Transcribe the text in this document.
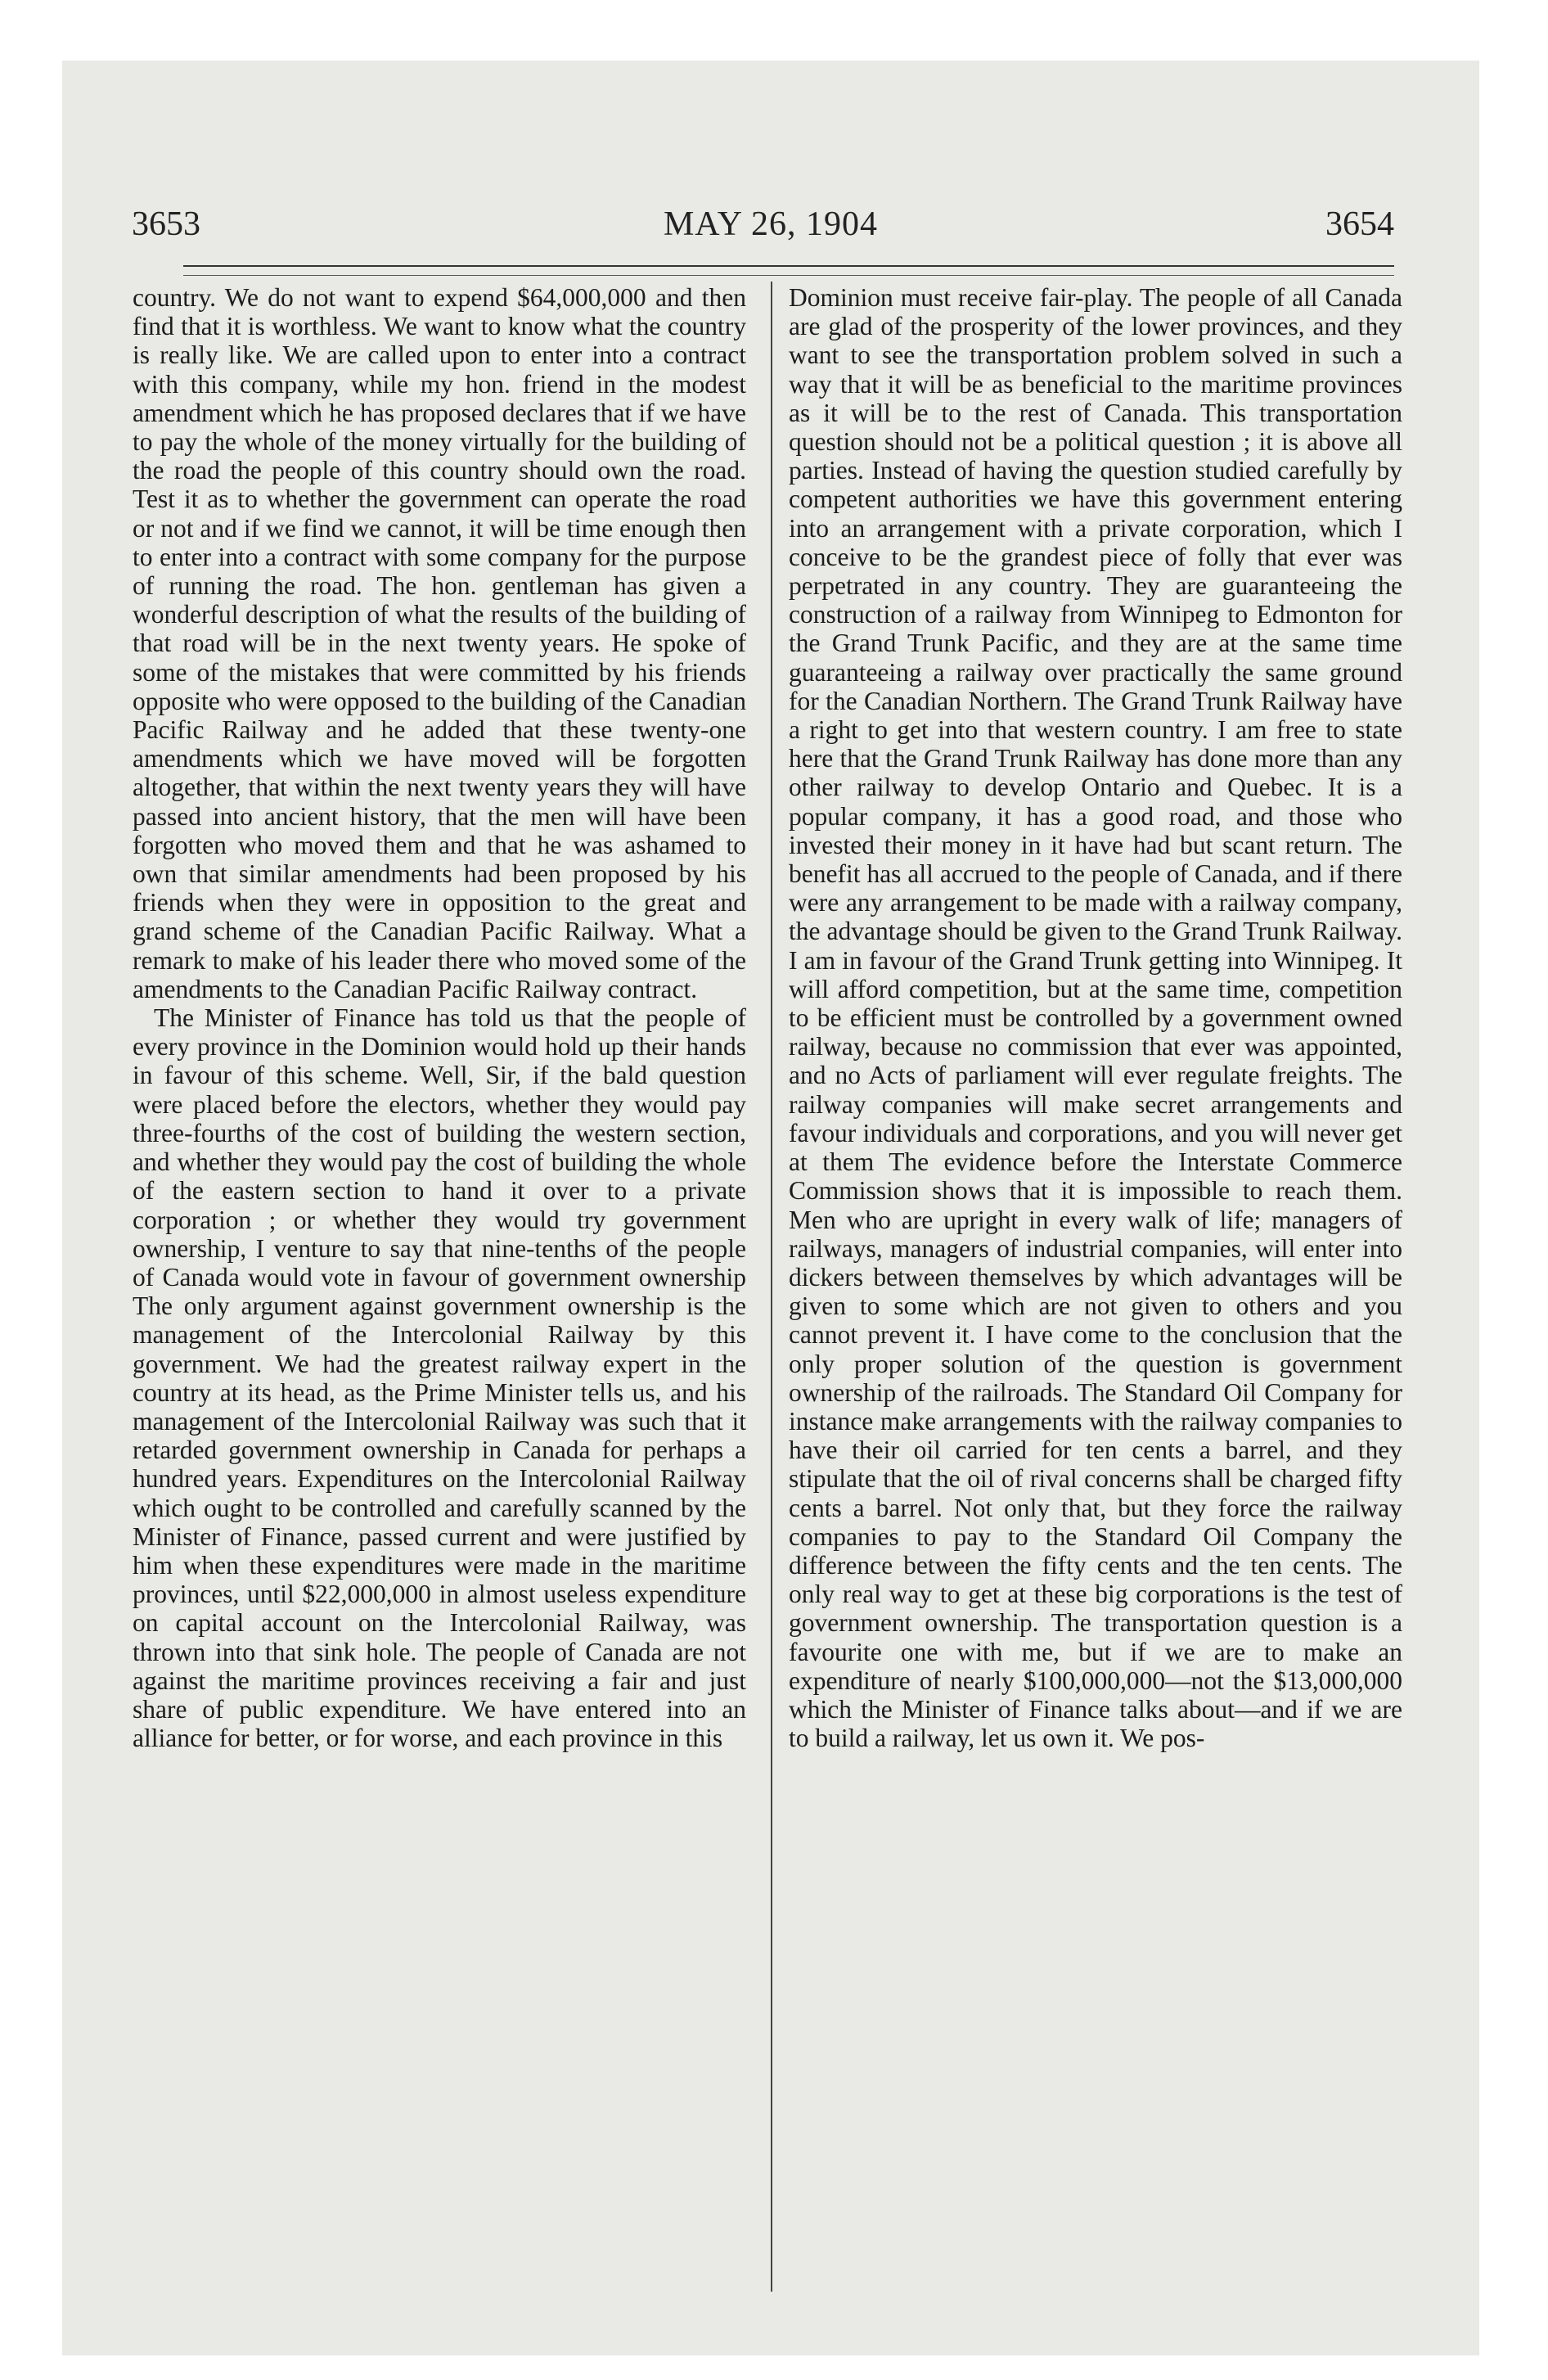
3653	MAY 26, 1904	3654

country. We do not want to expend $64,000,000 and then find that it is worthless. We want to know what the country is really like. We are called upon to enter into a contract with this company, while my hon. friend in the modest amendment which he has proposed declares that if we have to pay the whole of the money virtually for the building of the road the people of this country should own the road. Test it as to whether the government can operate the road or not and if we find we cannot, it will be time enough then to enter into a contract with some company for the purpose of running the road. The hon. gentleman has given a wonderful description of what the results of the building of that road will be in the next twenty years. He spoke of some of the mistakes that were committed by his friends opposite who were opposed to the building of the Canadian Pacific Railway and he added that these twenty-one amendments which we have moved will be forgotten altogether, that within the next twenty years they will have passed into ancient history, that the men will have been forgotten who moved them and that he was ashamed to own that similar amendments had been proposed by his friends when they were in opposition to the great and grand scheme of the Canadian Pacific Railway. What a remark to make of his leader there who moved some of the amendments to the Canadian Pacific Railway contract.

The Minister of Finance has told us that the people of every province in the Dominion would hold up their hands in favour of this scheme. Well, Sir, if the bald question were placed before the electors, whether they would pay three-fourths of the cost of building the western section, and whether they would pay the cost of building the whole of the eastern section to hand it over to a private corporation ; or whether they would try government ownership, I venture to say that nine-tenths of the people of Canada would vote in favour of government ownership The only argument against government ownership is the management of the Intercolonial Railway by this government. We had the greatest railway expert in the country at its head, as the Prime Minister tells us, and his management of the Intercolonial Railway was such that it retarded government ownership in Canada for perhaps a hundred years. Expenditures on the Intercolonial Railway which ought to be controlled and carefully scanned by the Minister of Finance, passed current and were justified by him when these expenditures were made in the maritime provinces, until $22,000,000 in almost useless expenditure on capital account on the Intercolonial Railway, was thrown into that sink hole. The people of Canada are not against the maritime provinces receiving a fair and just share of public expenditure. We have entered into an alliance for better, or for worse, and each province in this

Dominion must receive fair-play. The people of all Canada are glad of the prosperity of the lower provinces, and they want to see the transportation problem solved in such a way that it will be as beneficial to the maritime provinces as it will be to the rest of Canada. This transportation question should not be a political question ; it is above all parties. Instead of having the question studied carefully by competent authorities we have this government entering into an arrangement with a private corporation, which I conceive to be the grandest piece of folly that ever was perpetrated in any country. They are guaranteeing the construction of a railway from Winnipeg to Edmonton for the Grand Trunk Pacific, and they are at the same time guaranteeing a railway over practically the same ground for the Canadian Northern. The Grand Trunk Railway have a right to get into that western country. I am free to state here that the Grand Trunk Railway has done more than any other railway to develop Ontario and Quebec. It is a popular company, it has a good road, and those who invested their money in it have had but scant return. The benefit has all accrued to the people of Canada, and if there were any arrangement to be made with a railway company, the advantage should be given to the Grand Trunk Railway. I am in favour of the Grand Trunk getting into Winnipeg. It will afford competition, but at the same time, competition to be efficient must be controlled by a government owned railway, because no commission that ever was appointed, and no Acts of parliament will ever regulate freights. The railway companies will make secret arrangements and favour individuals and corporations, and you will never get at them The evidence before the Interstate Commerce Commission shows that it is impossible to reach them. Men who are upright in every walk of life; managers of railways, managers of industrial companies, will enter into dickers between themselves by which advantages will be given to some which are not given to others and you cannot prevent it. I have come to the conclusion that the only proper solution of the question is government ownership of the railroads. The Standard Oil Company for instance make arrangements with the railway companies to have their oil carried for ten cents a barrel, and they stipulate that the oil of rival concerns shall be charged fifty cents a barrel. Not only that, but they force the railway companies to pay to the Standard Oil Company the difference between the fifty cents and the ten cents. The only real way to get at these big corporations is the test of government ownership. The transportation question is a favourite one with me, but if we are to make an expenditure of nearly $100,000,000—not the $13,000,000 which the Minister of Finance talks about—and if we are to build a railway, let us own it. We pos-
